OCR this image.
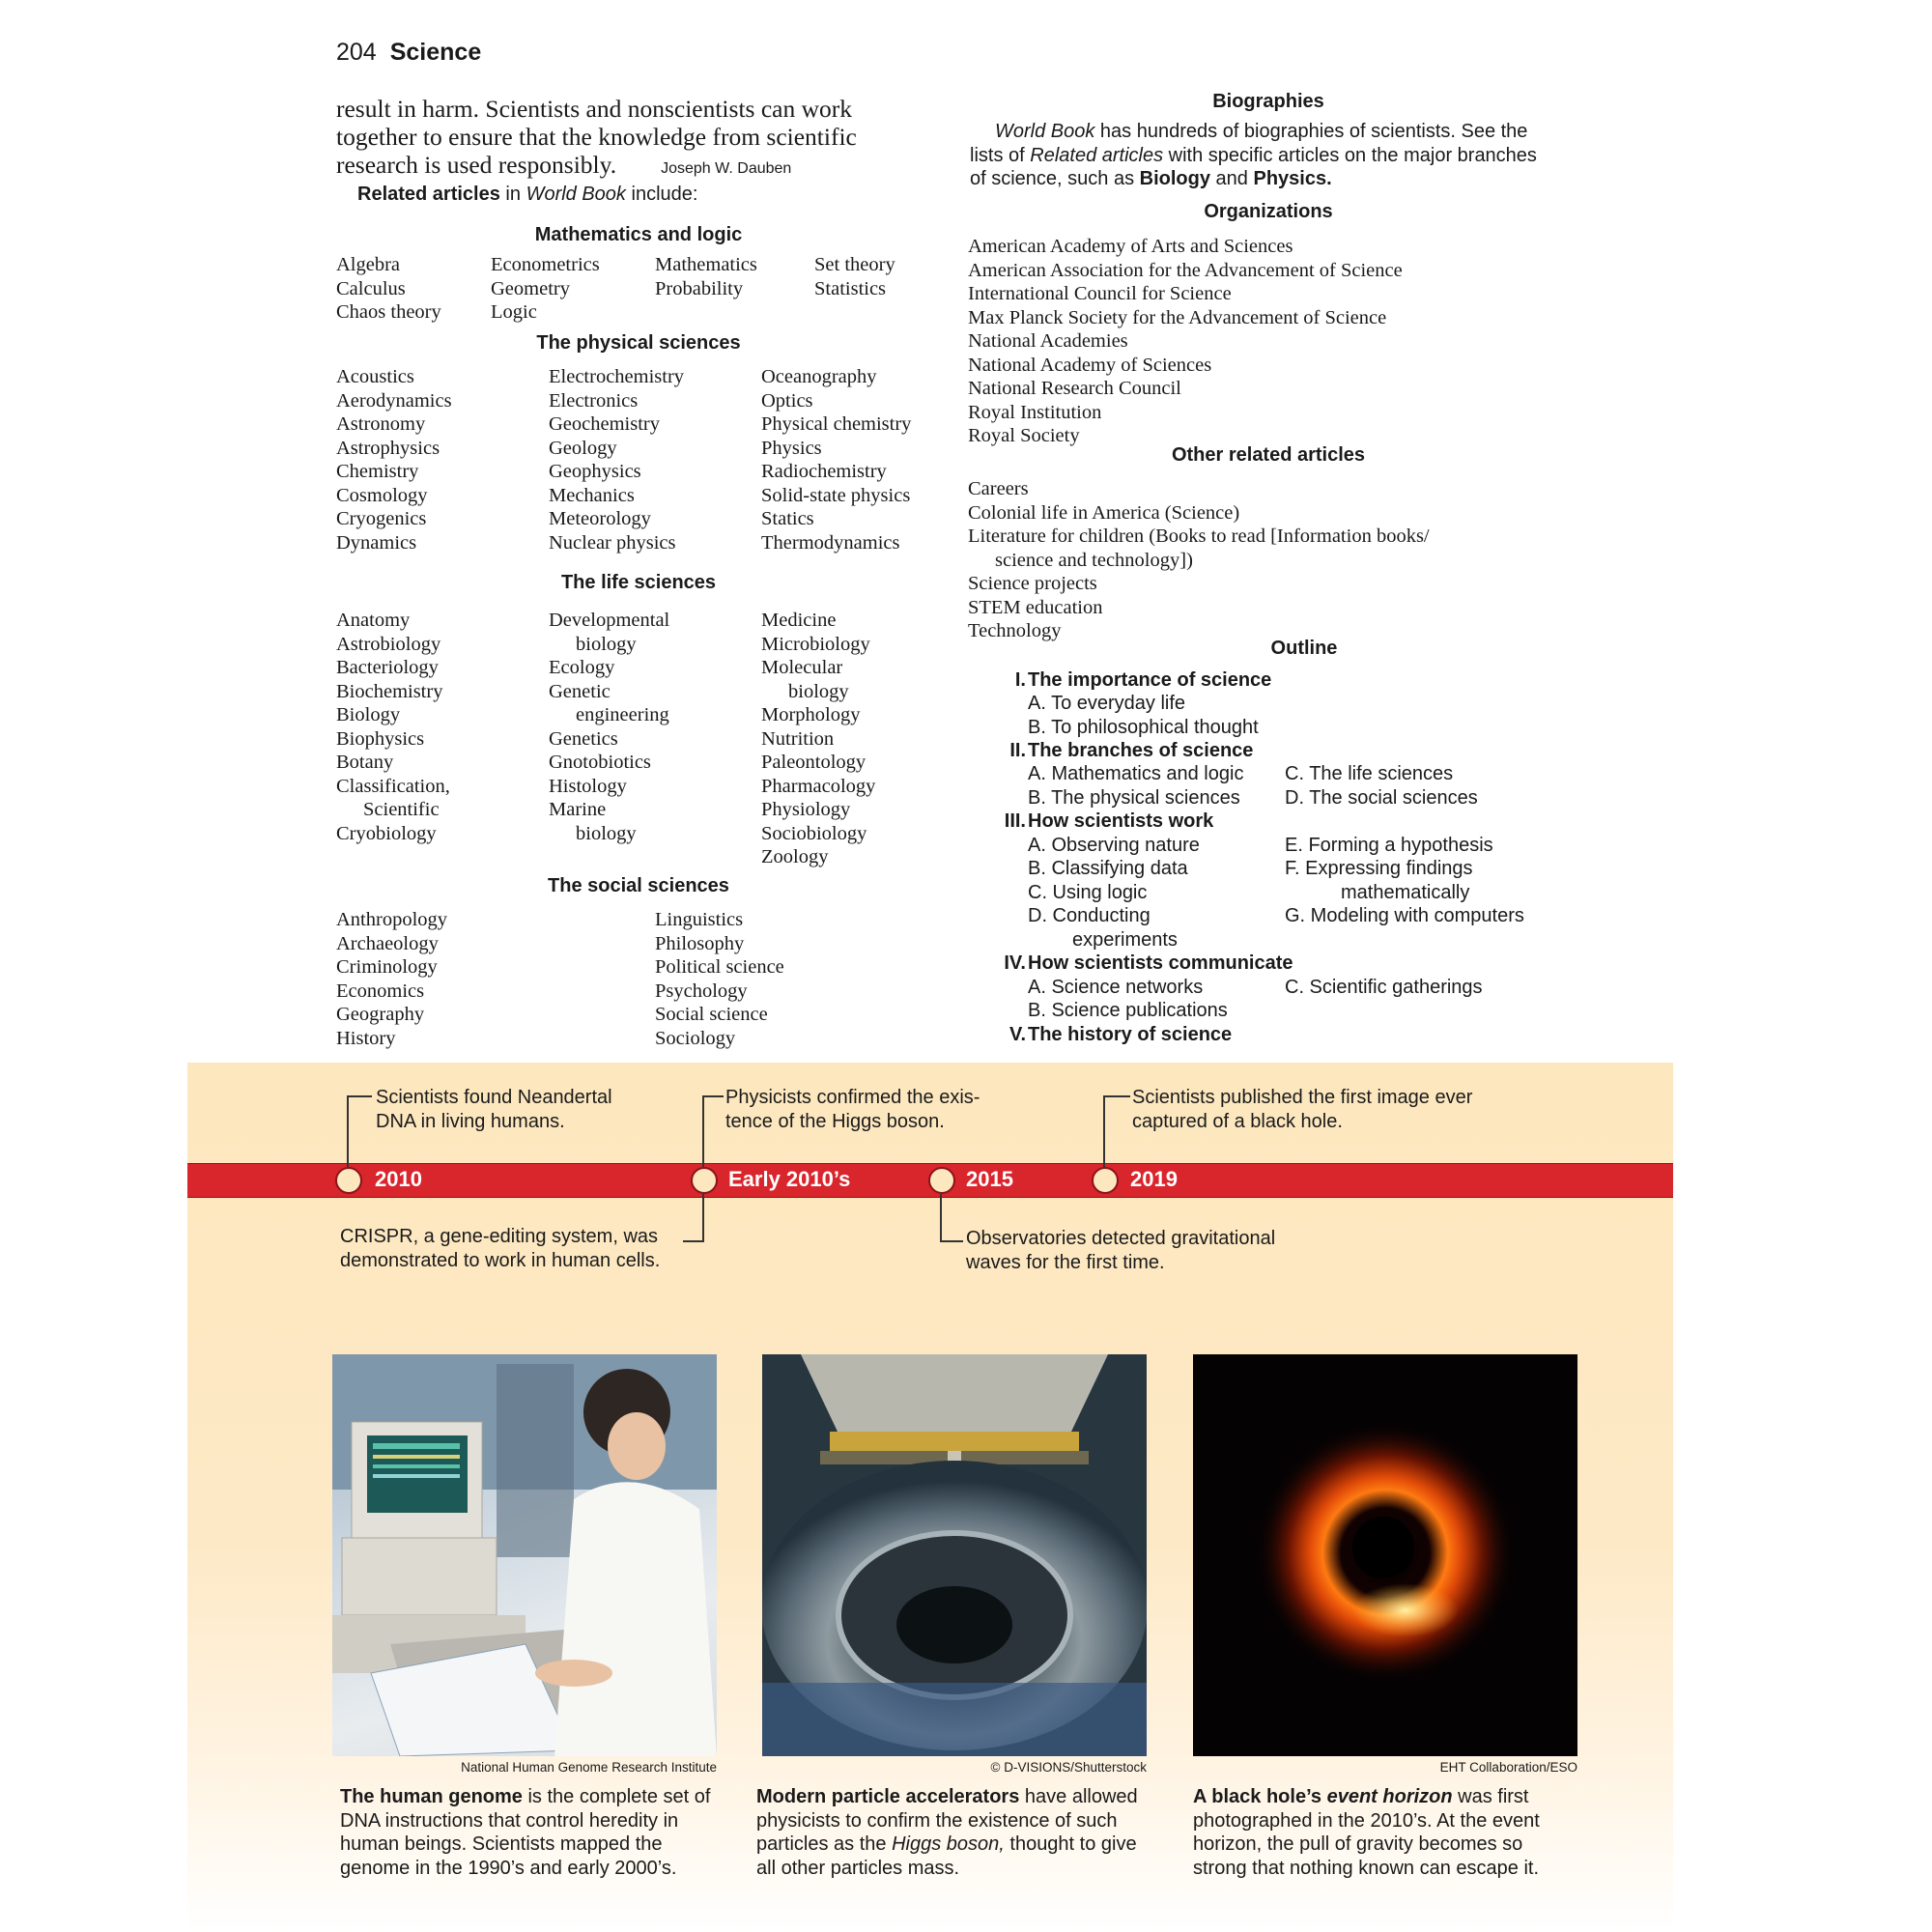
204 Science
result in harm. Scientists and nonscientists can work together to ensure that the knowledge from scientific research is used responsibly.	Joseph W. Dauben
Related articles in World Book include:
Mathematics and logic
Algebra
Calculus
Chaos theory
Econometrics
Geometry
Logic
Mathematics
Probability
Set theory
Statistics
The physical sciences
Acoustics
Aerodynamics
Astronomy
Astrophysics
Chemistry
Cosmology
Cryogenics
Dynamics
Electrochemistry
Electronics
Geochemistry
Geology
Geophysics
Mechanics
Meteorology
Nuclear physics
Oceanography
Optics
Physical chemistry
Physics
Radiochemistry
Solid-state physics
Statics
Thermodynamics
The life sciences
Anatomy
Astrobiology
Bacteriology
Biochemistry
Biology
Biophysics
Botany
Classification,
Scientific
Cryobiology
Developmental
biology
Ecology
Genetic
engineering
Genetics
Gnotobiotics
Histology
Marine
biology
Medicine
Microbiology
Molecular
biology
Morphology
Nutrition
Paleontology
Pharmacology
Physiology
Sociobiology
Zoology
The social sciences
Anthropology
Archaeology
Criminology
Economics
Geography
History
Linguistics
Philosophy
Political science
Psychology
Social science
Sociology
Biographies
World Book has hundreds of biographies of scientists. See the lists of Related articles with specific articles on the major branches of science, such as Biology and Physics.
Organizations
American Academy of Arts and Sciences
American Association for the Advancement of Science
International Council for Science
Max Planck Society for the Advancement of Science
National Academies
National Academy of Sciences
National Research Council
Royal Institution
Royal Society
Other related articles
Careers
Colonial life in America (Science)
Literature for children (Books to read [Information books/
science and technology])
Science projects
STEM education
Technology
Outline
I. The importance of science
A. To everyday life
B. To philosophical thought
II. The branches of science
A. Mathematics and logic
B. The physical sciences
C. The life sciences
D. The social sciences
III. How scientists work
A. Observing nature
B. Classifying data
C. Using logic
D. Conducting
experiments
E. Forming a hypothesis
F. Expressing findings
mathematically
G. Modeling with computers
IV. How scientists communicate
A. Science networks
B. Science publications
C. Scientific gatherings
V. The history of science
2010	Early 2010’s	2015	2019
Scientists found Neandertal
DNA in living humans.
Physicists confirmed the exis-
tence of the Higgs boson.
Scientists published the first image ever
captured of a black hole.
CRISPR, a gene-editing system, was
demonstrated to work in human cells.
Observatories detected gravitational
waves for the first time.
National Human Genome Research Institute	© D-VISIONS/Shutterstock	EHT Collaboration/ESO
The human genome is the complete set of DNA instructions that control heredity in human beings. Scientists mapped the genome in the 1990’s and early 2000’s.
Modern particle accelerators have allowed physicists to confirm the existence of such particles as the Higgs boson, thought to give all other particles mass.
A black hole’s event horizon was first photographed in the 2010’s. At the event horizon, the pull of gravity becomes so strong that nothing known can escape it.
